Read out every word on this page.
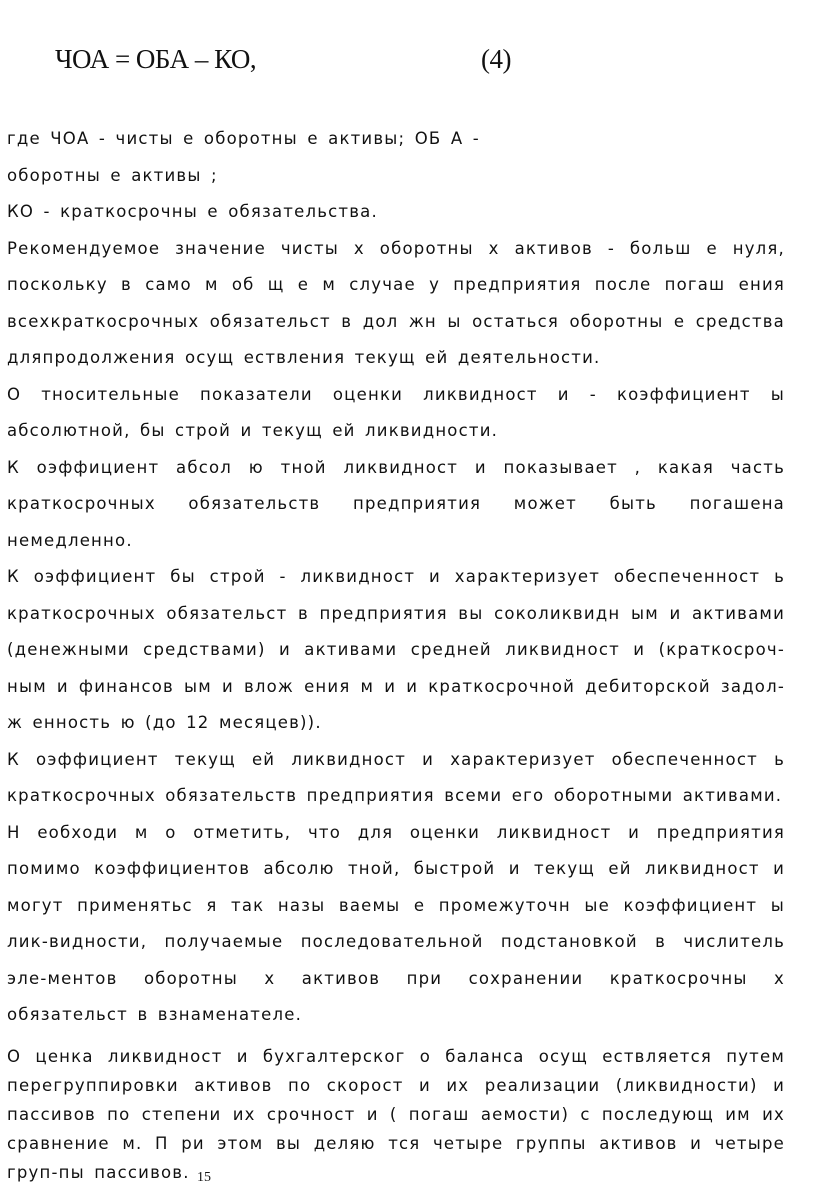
ЧОА = ОБА – КО,	(4)

где ЧОА - чисты е оборотны е активы; ОБ А -

оборотны е активы ;

КО - краткосрочны е обязательства.

Рекомендуемое значение чисты х оборотны х активов - больш е нуля, поскольку в само м об щ е м случае у предприятия после погаш ения всехкраткосрочных обязательст в дол жн ы остаться оборотны е средства дляпродолжения осущ ествления текущ ей деятельности.

О тносительные показатели оценки ликвидност и - коэффициент ы абсолютной, бы строй и текущ ей ликвидности.

К оэффициент абсол ю тной ликвидност и показывает , какая часть краткосрочных обязательств предприятия может быть погашена немедленно.

К оэффициент бы строй - ликвидност и характеризует обеспеченност ь краткосрочных обязательст в предприятия вы соколиквидн ым и активами (денежными средствами) и активами средней ликвидност и (краткосроч-ным и финансов ым и влож ения м и и краткосрочной дебиторской задол-ж енность ю (до 12 месяцев)).

К оэффициент текущ ей ликвидност и характеризует обеспеченност ь краткосрочных обязательств предприятия всеми его оборотными активами.

Н еобходи м о отметить, что для оценки ликвидност и предприятия помимо коэффициентов абсолю тной, быстрой и текущ ей ликвидност и могут применятьс я так назы ваемы е промежуточн ые коэффициент ы лик-видности, получаемые последовательной подстановкой в числитель эле-ментов оборотны х активов при сохранении краткосрочны х обязательст в взнаменателе.

О ценка ликвидност и бухгалтерског о баланса осущ ествляется путем перегруппировки активов по скорост и их реализации (ликвидности) и пассивов по степени их срочност и ( погаш аемости) с последующ им их сравнение м. П ри этом вы деляю тся четыре группы активов и четыре груп-пы пассивов. 15
